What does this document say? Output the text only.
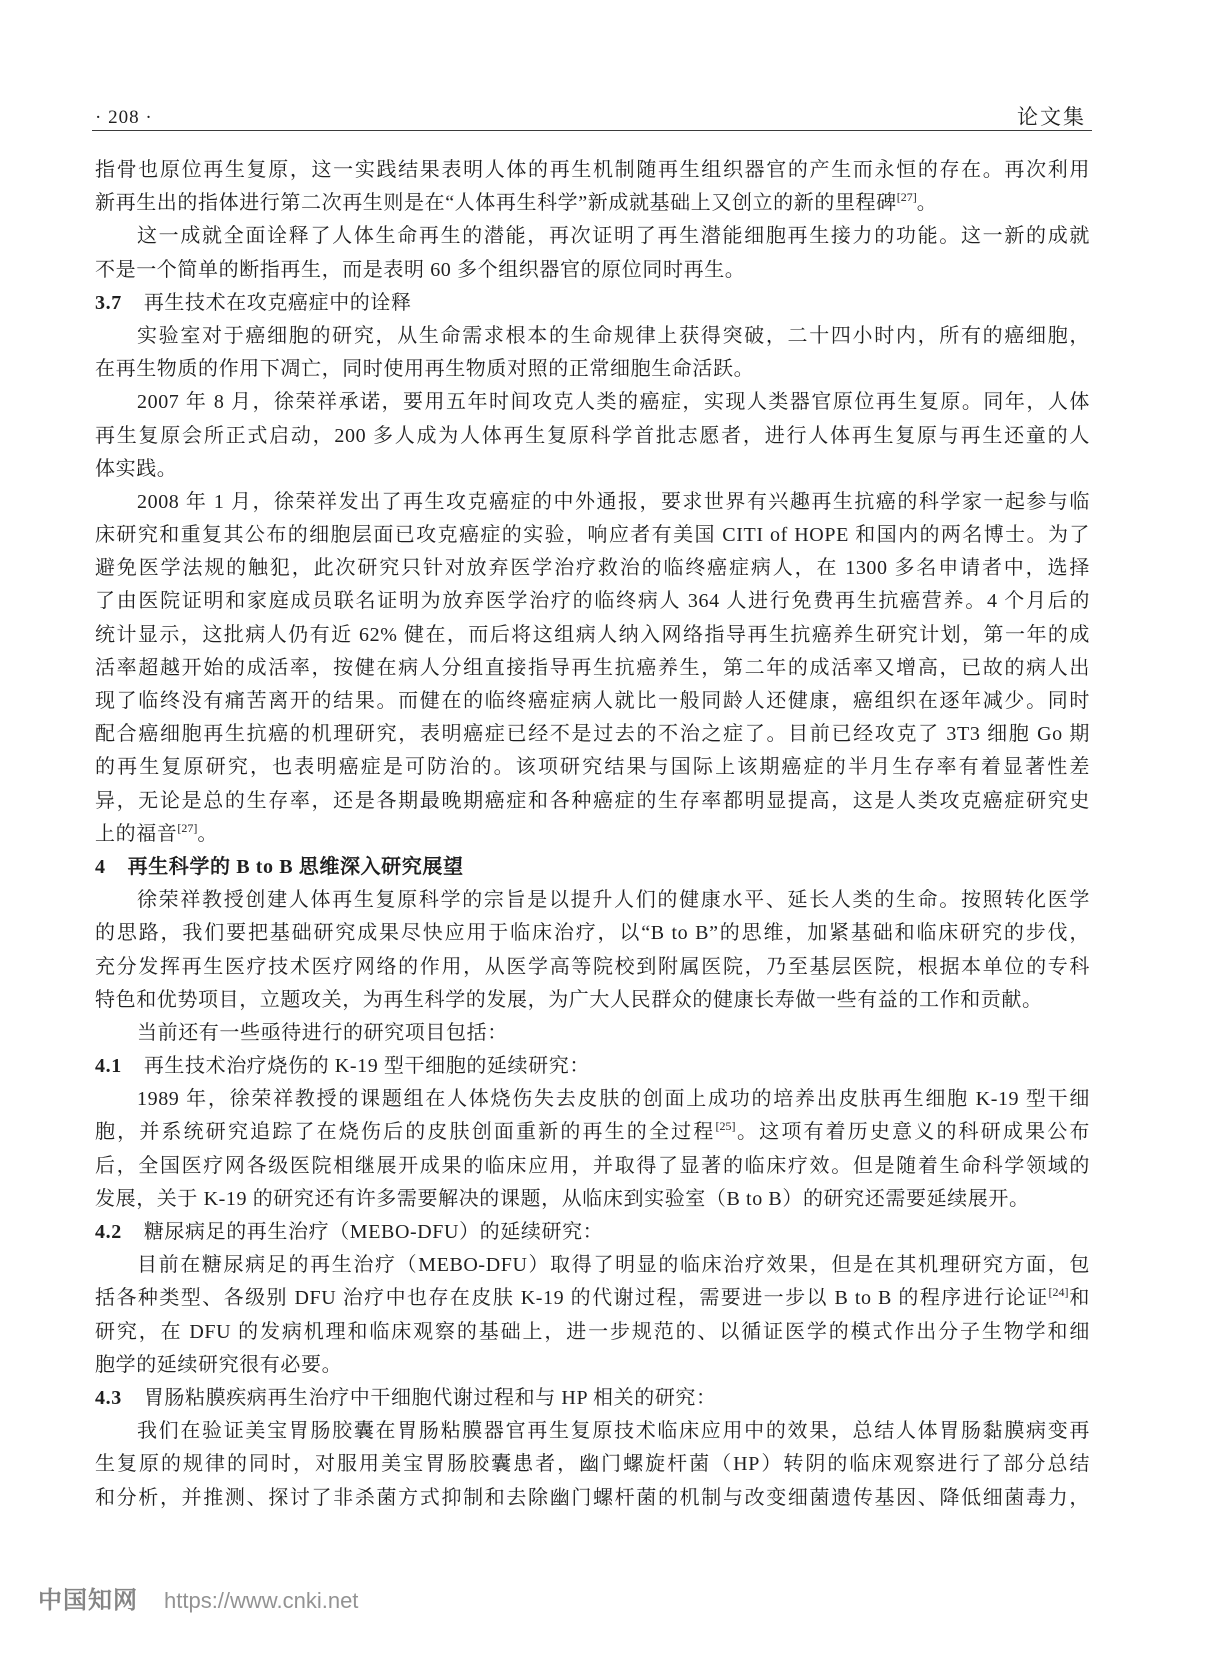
· 208 ·	论文集
指骨也原位再生复原，这一实践结果表明人体的再生机制随再生组织器官的产生而永恒的存在。再次利用
新再生出的指体进行第二次再生则是在“人体再生科学”新成就基础上又创立的新的里程碑[27]。
这一成就全面诠释了人体生命再生的潜能，再次证明了再生潜能细胞再生接力的功能。这一新的成就
不是一个简单的断指再生，而是表明 60 多个组织器官的原位同时再生。
3.7 再生技术在攻克癌症中的诠释
实验室对于癌细胞的研究，从生命需求根本的生命规律上获得突破，二十四小时内，所有的癌细胞，
在再生物质的作用下凋亡，同时使用再生物质对照的正常细胞生命活跃。
2007 年 8 月，徐荣祥承诺，要用五年时间攻克人类的癌症，实现人类器官原位再生复原。同年，人体
再生复原会所正式启动，200 多人成为人体再生复原科学首批志愿者，进行人体再生复原与再生还童的人
体实践。
2008 年 1 月，徐荣祥发出了再生攻克癌症的中外通报，要求世界有兴趣再生抗癌的科学家一起参与临
床研究和重复其公布的细胞层面已攻克癌症的实验，响应者有美国 CITI of HOPE 和国内的两名博士。为了
避免医学法规的触犯，此次研究只针对放弃医学治疗救治的临终癌症病人，在 1300 多名申请者中，选择
了由医院证明和家庭成员联名证明为放弃医学治疗的临终病人 364 人进行免费再生抗癌营养。4 个月后的
统计显示，这批病人仍有近 62% 健在，而后将这组病人纳入网络指导再生抗癌养生研究计划，第一年的成
活率超越开始的成活率，按健在病人分组直接指导再生抗癌养生，第二年的成活率又增高，已故的病人出
现了临终没有痛苦离开的结果。而健在的临终癌症病人就比一般同龄人还健康，癌组织在逐年减少。同时
配合癌细胞再生抗癌的机理研究，表明癌症已经不是过去的不治之症了。目前已经攻克了 3T3 细胞 Go 期
的再生复原研究，也表明癌症是可防治的。该项研究结果与国际上该期癌症的半月生存率有着显著性差
异，无论是总的生存率，还是各期最晚期癌症和各种癌症的生存率都明显提高，这是人类攻克癌症研究史
上的福音[27]。
4 再生科学的 B to B 思维深入研究展望
徐荣祥教授创建人体再生复原科学的宗旨是以提升人们的健康水平、延长人类的生命。按照转化医学
的思路，我们要把基础研究成果尽快应用于临床治疗，以“B to B”的思维，加紧基础和临床研究的步伐，
充分发挥再生医疗技术医疗网络的作用，从医学高等院校到附属医院，乃至基层医院，根据本单位的专科
特色和优势项目，立题攻关，为再生科学的发展，为广大人民群众的健康长寿做一些有益的工作和贡献。
当前还有一些亟待进行的研究项目包括：
4.1 再生技术治疗烧伤的 K-19 型干细胞的延续研究：
1989 年，徐荣祥教授的课题组在人体烧伤失去皮肤的创面上成功的培养出皮肤再生细胞 K-19 型干细
胞，并系统研究追踪了在烧伤后的皮肤创面重新的再生的全过程[25]。这项有着历史意义的科研成果公布
后，全国医疗网各级医院相继展开成果的临床应用，并取得了显著的临床疗效。但是随着生命科学领域的
发展，关于 K-19 的研究还有许多需要解决的课题，从临床到实验室（B to B）的研究还需要延续展开。
4.2 糖尿病足的再生治疗（MEBO-DFU）的延续研究：
目前在糖尿病足的再生治疗（MEBO-DFU）取得了明显的临床治疗效果，但是在其机理研究方面，包
括各种类型、各级别 DFU 治疗中也存在皮肤 K-19 的代谢过程，需要进一步以 B to B 的程序进行论证[24]和
研究，在 DFU 的发病机理和临床观察的基础上，进一步规范的、以循证医学的模式作出分子生物学和细
胞学的延续研究很有必要。
4.3 胃肠粘膜疾病再生治疗中干细胞代谢过程和与 HP 相关的研究：
我们在验证美宝胃肠胶囊在胃肠粘膜器官再生复原技术临床应用中的效果，总结人体胃肠黏膜病变再
生复原的规律的同时，对服用美宝胃肠胶囊患者，幽门螺旋杆菌（HP）转阴的临床观察进行了部分总结
和分析，并推测、探讨了非杀菌方式抑制和去除幽门螺杆菌的机制与改变细菌遗传基因、降低细菌毒力，
中国知网 https://www.cnki.net
